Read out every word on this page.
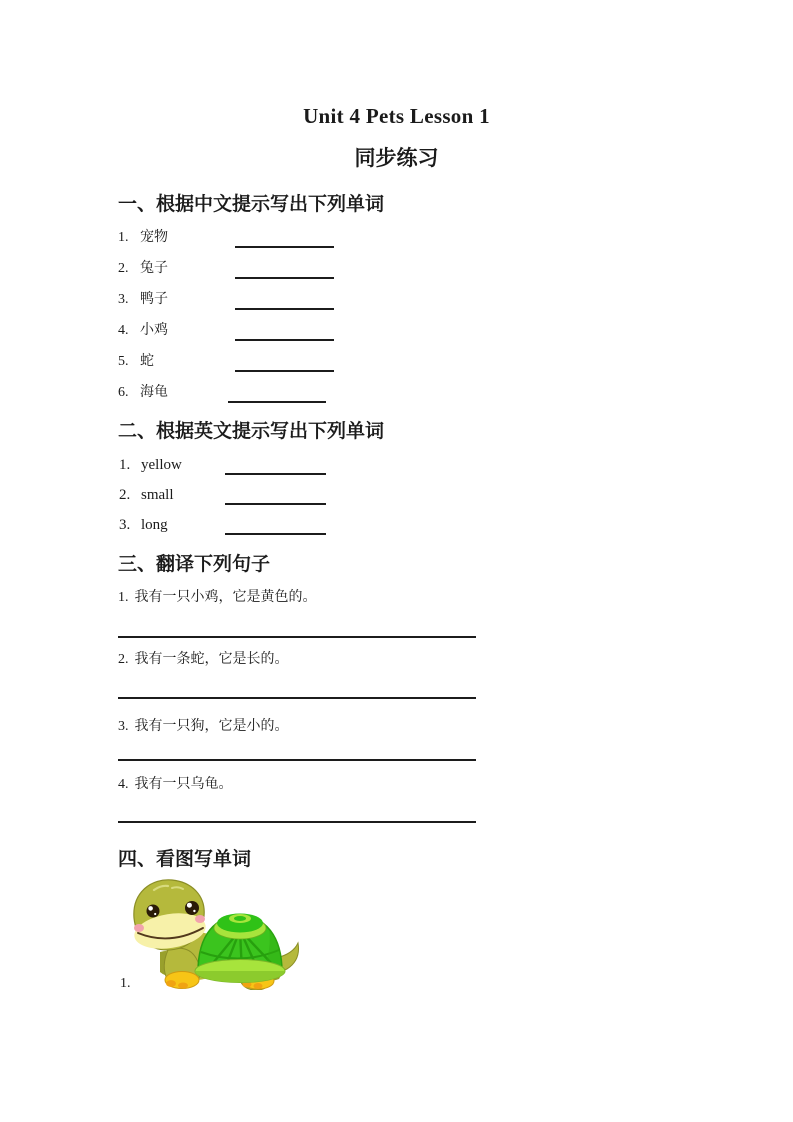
Unit 4 Pets Lesson 1
同步练习
一、根据中文提示写出下列单词
1. 宠物
2. 兔子
3. 鸭子
4. 小鸡
5. 蛇
6. 海龟
二、根据英文提示写出下列单词
1. yellow
2. small
3. long
三、翻译下列句子
1. 我有一只小鸡，它是黄色的。
2. 我有一条蛇，它是长的。
3. 我有一只狗，它是小的。
4. 我有一只乌龟。
四、看图写单词
1.
